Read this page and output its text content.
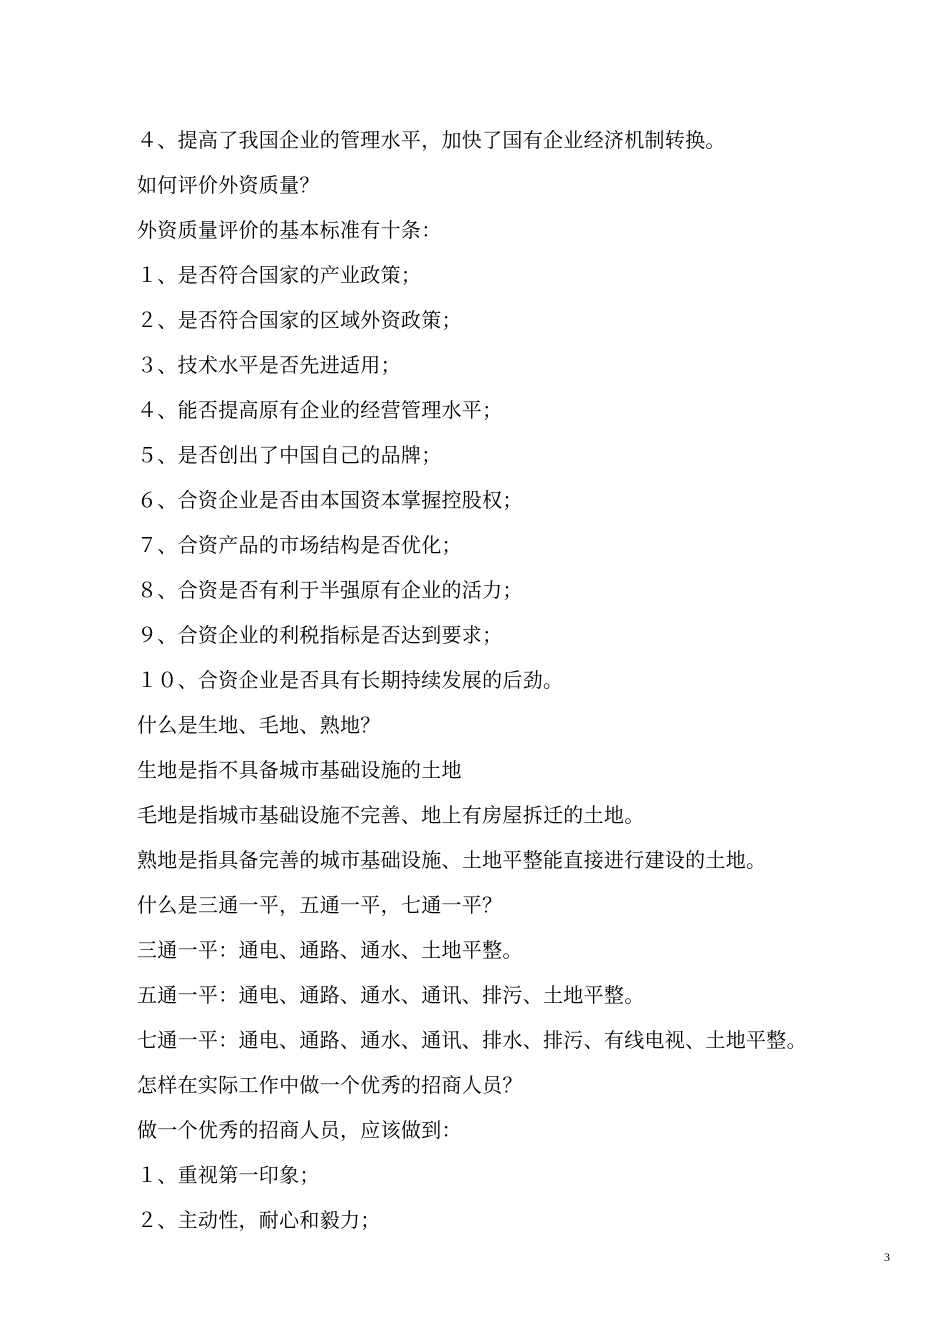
４、提高了我国企业的管理水平，加快了国有企业经济机制转换。
如何评价外资质量？
外资质量评价的基本标准有十条：
１、是否符合国家的产业政策；
２、是否符合国家的区域外资政策；
３、技术水平是否先进适用；
４、能否提高原有企业的经营管理水平；
５、是否创出了中国自己的品牌；
６、合资企业是否由本国资本掌握控股权；
７、合资产品的市场结构是否优化；
８、合资是否有利于半强原有企业的活力；
９、合资企业的利税指标是否达到要求；
１０、合资企业是否具有长期持续发展的后劲。
什么是生地、毛地、熟地？
生地是指不具备城市基础设施的土地
毛地是指城市基础设施不完善、地上有房屋拆迁的土地。
熟地是指具备完善的城市基础设施、土地平整能直接进行建设的土地。
什么是三通一平，五通一平，七通一平？
三通一平：通电、通路、通水、土地平整。
五通一平：通电、通路、通水、通讯、排污、土地平整。
七通一平：通电、通路、通水、通讯、排水、排污、有线电视、土地平整。
怎样在实际工作中做一个优秀的招商人员？
做一个优秀的招商人员，应该做到：
１、重视第一印象；
２、主动性，耐心和毅力；
3
